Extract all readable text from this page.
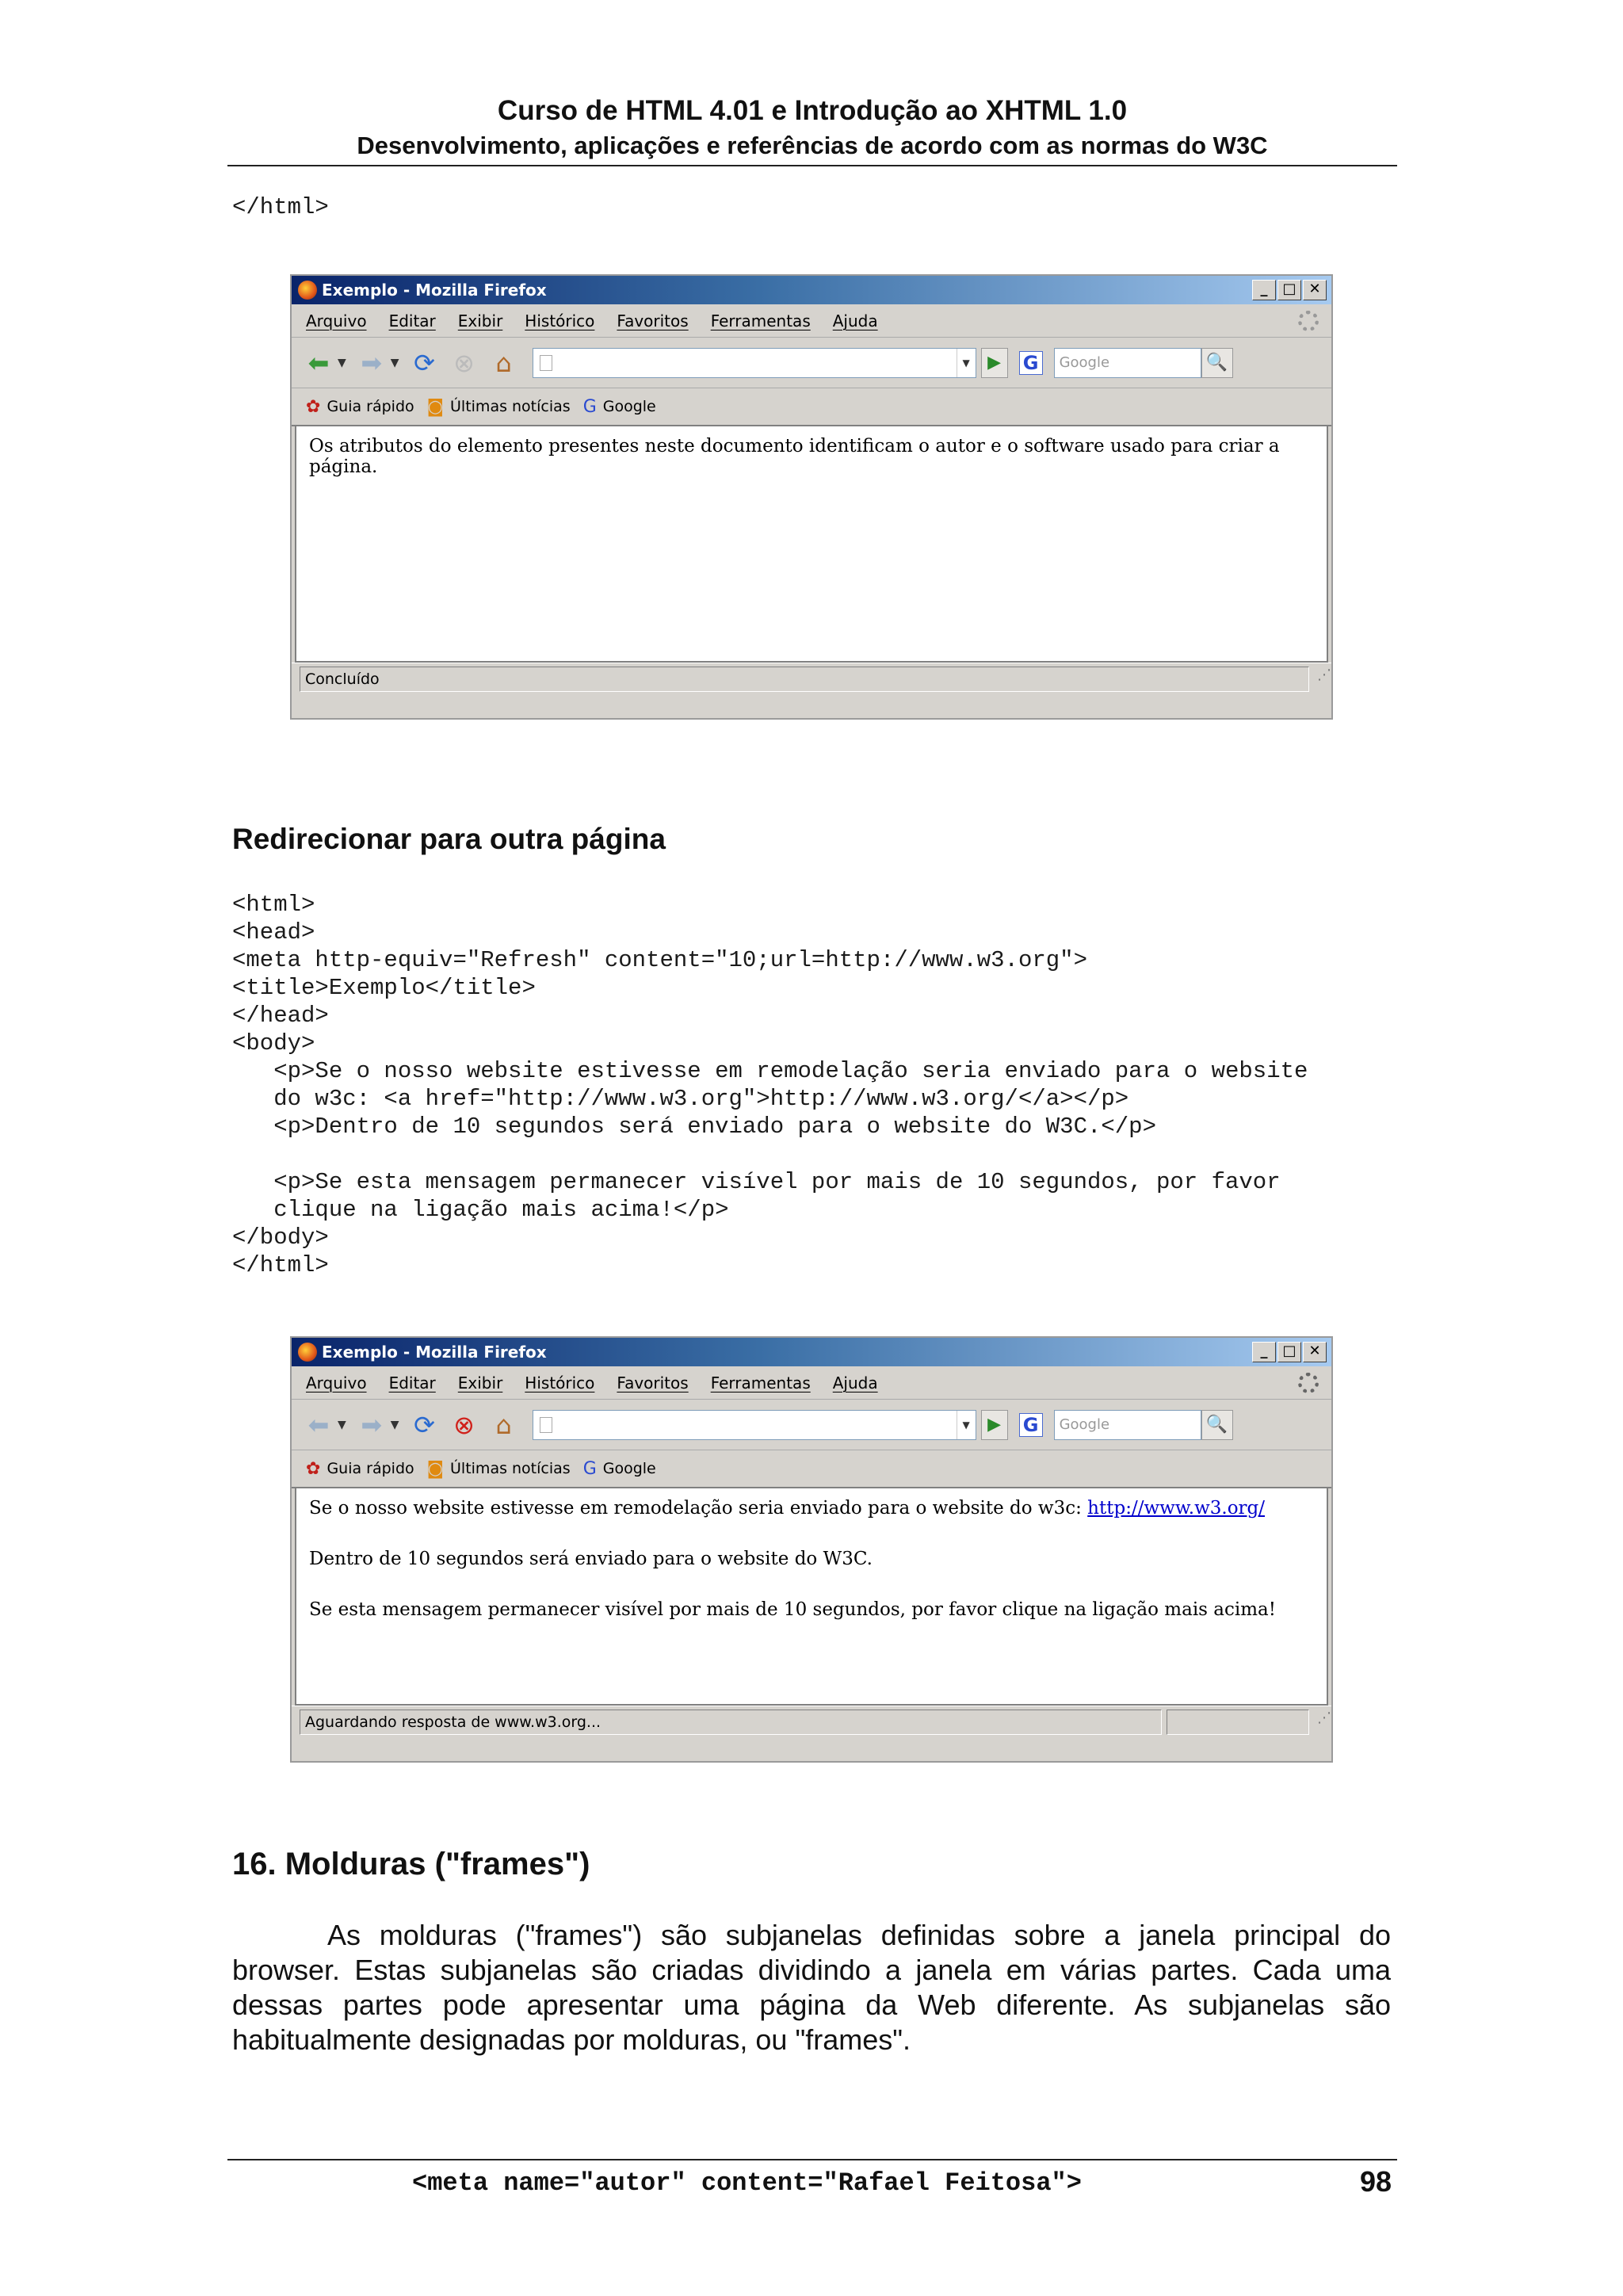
Curso de HTML 4.01 e Introdução ao XHTML 1.0
Desenvolvimento, aplicações e referências de acordo com as normas do W3C
</html>
Exemplo - Mozilla Firefox	_	□ ✕
Arquivo Editar Exibir Histórico Favoritos Ferramentas Ajuda
⬅ ▼ ➡ ▼ ⟳ ⊗ ⌂	▼	▶	G	Google	🔍
✿ Guia rápido ◙ Últimas notícias G Google

Os atributos do elemento presentes neste documento identificam o autor e o software usado para criar a página.

Concluído	⋰
Redirecionar para outra página
<html>
<head>
<meta http-equiv="Refresh" content="10;url=http://www.w3.org">
<title>Exemplo</title>
</head>
<body>
<p>Se o nosso website estivesse em remodelação seria enviado para o website
do w3c: <a href="http://www.w3.org">http://www.w3.org/</a></p>
<p>Dentro de 10 segundos será enviado para o website do W3C.</p>

<p>Se esta mensagem permanecer visível por mais de 10 segundos, por favor
clique na ligação mais acima!</p>
</body>
</html>
Exemplo - Mozilla Firefox	_	□ ✕
Arquivo Editar Exibir Histórico Favoritos Ferramentas Ajuda
⬅ ▼ ➡ ▼ ⟳ ⊗ ⌂	▼	▶	G	Google	🔍
✿ Guia rápido ◙ Últimas notícias G Google

Se o nosso website estivesse em remodelação seria enviado para o website do w3c: http://www.w3.org/

Dentro de 10 segundos será enviado para o website do W3C.

Se esta mensagem permanecer visível por mais de 10 segundos, por favor clique na ligação mais acima!

Aguardando resposta de www.w3.org...	⋰
16. Molduras ("frames")
As molduras ("frames") são subjanelas definidas sobre a janela principal do browser. Estas subjanelas são criadas dividindo a janela em várias partes. Cada uma dessas partes pode apresentar uma página da Web diferente. As subjanelas são habitualmente designadas por molduras, ou "frames".
<meta name="autor" content="Rafael Feitosa">	98
